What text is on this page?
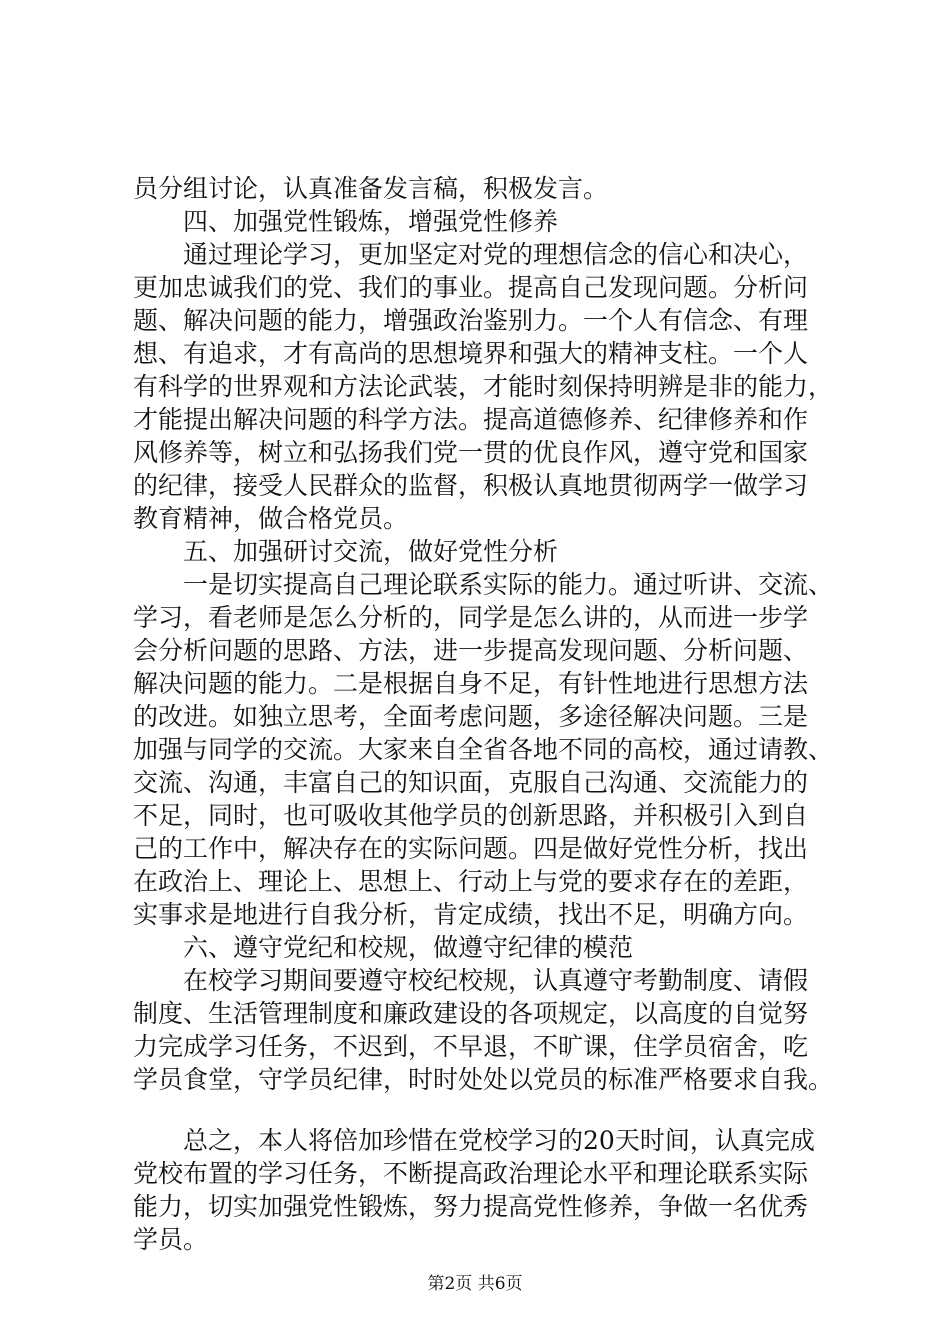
员分组讨论，认真准备发言稿，积极发言。
四、加强党性锻炼，增强党性修养
通过理论学习，更加坚定对党的理想信念的信心和决心，
更加忠诚我们的党、我们的事业。提高自己发现问题。分析问
题、解决问题的能力，增强政治鉴别力。一个人有信念、有理
想、有追求，才有高尚的思想境界和强大的精神支柱。一个人
有科学的世界观和方法论武装，才能时刻保持明辨是非的能力，
才能提出解决问题的科学方法。提高道德修养、纪律修养和作
风修养等，树立和弘扬我们党一贯的优良作风，遵守党和国家
的纪律，接受人民群众的监督，积极认真地贯彻两学一做学习
教育精神，做合格党员。
五、加强研讨交流，做好党性分析
一是切实提高自己理论联系实际的能力。通过听讲、交流、
学习，看老师是怎么分析的，同学是怎么讲的，从而进一步学
会分析问题的思路、方法，进一步提高发现问题、分析问题、
解决问题的能力。二是根据自身不足，有针性地进行思想方法
的改进。如独立思考，全面考虑问题，多途径解决问题。三是
加强与同学的交流。大家来自全省各地不同的高校，通过请教、
交流、沟通，丰富自己的知识面，克服自己沟通、交流能力的
不足，同时，也可吸收其他学员的创新思路，并积极引入到自
己的工作中，解决存在的实际问题。四是做好党性分析，找出
在政治上、理论上、思想上、行动上与党的要求存在的差距，
实事求是地进行自我分析，肯定成绩，找出不足，明确方向。
六、遵守党纪和校规，做遵守纪律的模范
在校学习期间要遵守校纪校规，认真遵守考勤制度、请假
制度、生活管理制度和廉政建设的各项规定，以高度的自觉努
力完成学习任务，不迟到，不早退，不旷课，住学员宿舍，吃
学员食堂，守学员纪律，时时处处以党员的标准严格要求自我。
总之，本人将倍加珍惜在党校学习的20天时间，认真完成
党校布置的学习任务，不断提高政治理论水平和理论联系实际
能力，切实加强党性锻炼，努力提高党性修养，争做一名优秀
学员。
第2页 共6页
